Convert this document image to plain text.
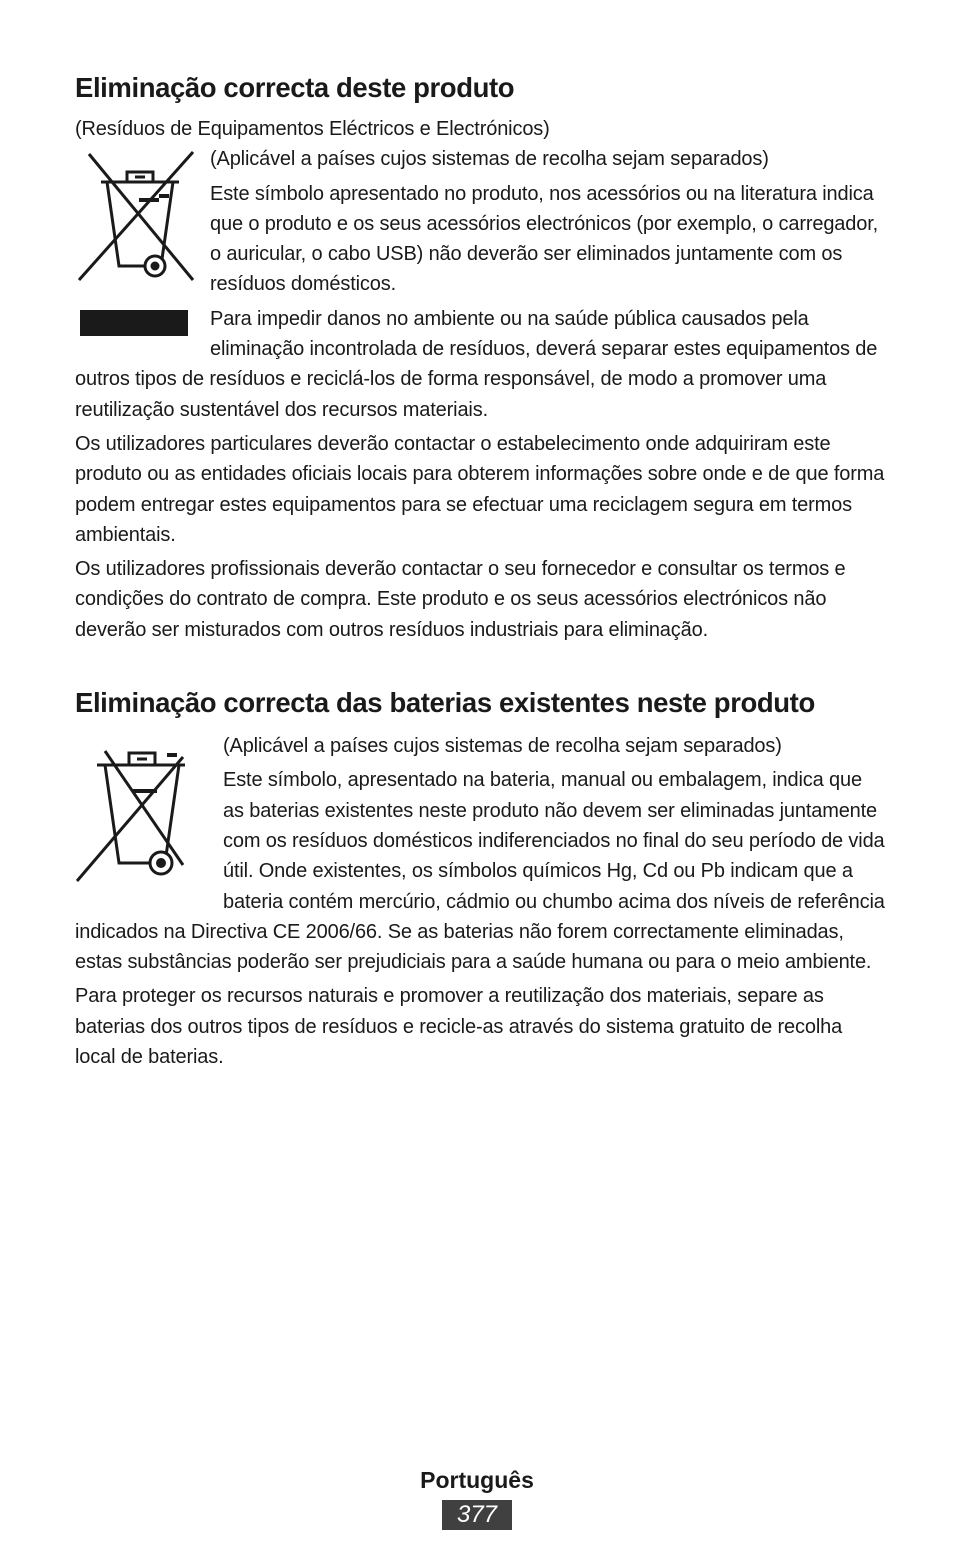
Eliminação correcta deste produto

(Resíduos de Equipamentos Eléctricos e Electrónicos)

(Aplicável a países cujos sistemas de recolha sejam separados)

Este símbolo apresentado no produto, nos acessórios ou na literatura indica que o produto e os seus acessórios electrónicos (por exemplo, o carregador, o auricular, o cabo USB) não deverão ser eliminados juntamente com os resíduos domésticos.

Para impedir danos no ambiente ou na saúde pública causados pela eliminação incontrolada de resíduos, deverá separar estes equipamentos de outros tipos de resíduos e reciclá-los de forma responsável, de modo a promover uma reutilização sustentável dos recursos materiais.

Os utilizadores particulares deverão contactar o estabelecimento onde adquiriram este produto ou as entidades oficiais locais para obterem informações sobre onde e de que forma podem entregar estes equipamentos para se efectuar uma reciclagem segura em termos ambientais.

Os utilizadores profissionais deverão contactar o seu fornecedor e consultar os termos e condições do contrato de compra. Este produto e os seus acessórios electrónicos não deverão ser misturados com outros resíduos industriais para eliminação.

Eliminação correcta das baterias existentes neste produto

(Aplicável a países cujos sistemas de recolha sejam separados)

Este símbolo, apresentado na bateria, manual ou embalagem, indica que as baterias existentes neste produto não devem ser eliminadas juntamente com os resíduos domésticos indiferenciados no final do seu período de vida útil. Onde existentes, os símbolos químicos Hg, Cd ou Pb indicam que a bateria contém mercúrio, cádmio ou chumbo acima dos níveis de referência indicados na Directiva CE 2006/66. Se as baterias não forem correctamente eliminadas, estas substâncias poderão ser prejudiciais para a saúde humana ou para o meio ambiente.

Para proteger os recursos naturais e promover a reutilização dos materiais, separe as baterias dos outros tipos de resíduos e recicle-as através do sistema gratuito de recolha local de baterias.

Português
377
